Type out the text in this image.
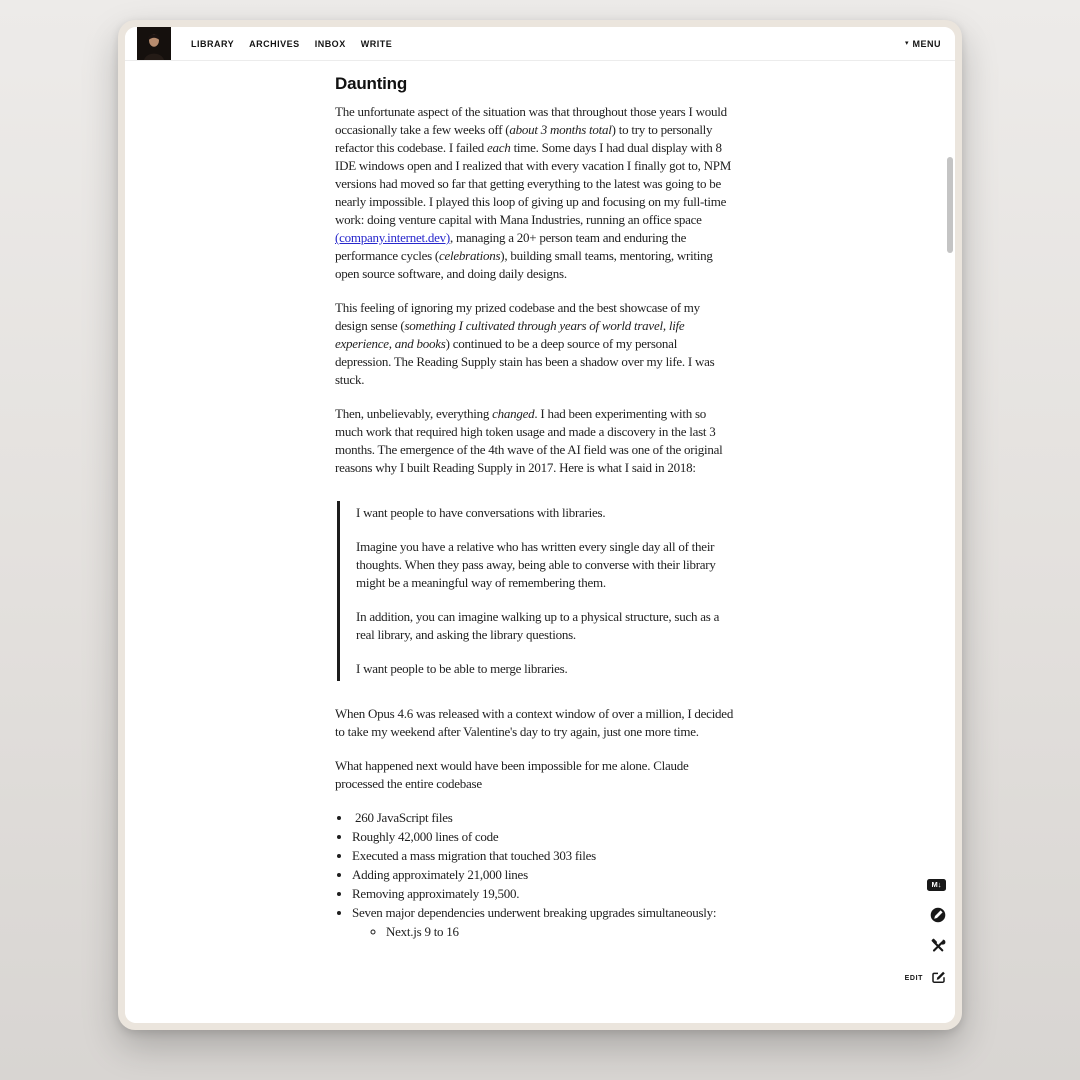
LIBRARY ARCHIVES INBOX WRITE	▾ MENU
Daunting

The unfortunate aspect of the situation was that throughout those years I would occasionally take a few weeks off (about 3 months total) to try to personally refactor this codebase. I failed each time. Some days I had dual display with 8 IDE windows open and I realized that with every vacation I finally got to, NPM versions had moved so far that getting everything to the latest was going to be nearly impossible. I played this loop of giving up and focusing on my full-time work: doing venture capital with Mana Industries, running an office space (company.internet.dev), managing a 20+ person team and enduring the performance cycles (celebrations), building small teams, mentoring, writing open source software, and doing daily designs.

This feeling of ignoring my prized codebase and the best showcase of my design sense (something I cultivated through years of world travel, life experience, and books) continued to be a deep source of my personal depression. The Reading Supply stain has been a shadow over my life. I was stuck.

Then, unbelievably, everything changed. I had been experimenting with so much work that required high token usage and made a discovery in the last 3 months. The emergence of the 4th wave of the AI field was one of the original reasons why I built Reading Supply in 2017. Here is what I said in 2018:

I want people to have conversations with libraries.

Imagine you have a relative who has written every single day all of their thoughts. When they pass away, being able to converse with their library might be a meaningful way of remembering them.

In addition, you can imagine walking up to a physical structure, such as a real library, and asking the library questions.

I want people to be able to merge libraries.

When Opus 4.6 was released with a context window of over a million, I decided to take my weekend after Valentine's day to try again, just one more time.

What happened next would have been impossible for me alone. Claude processed the entire codebase

•  260 JavaScript files
• Roughly 42,000 lines of code
• Executed a mass migration that touched 303 files
• Adding approximately 21,000 lines
• Removing approximately 19,500.
• Seven major dependencies underwent breaking upgrades simultaneously:
◦ Next.js 9 to 16
M↓
EDIT
